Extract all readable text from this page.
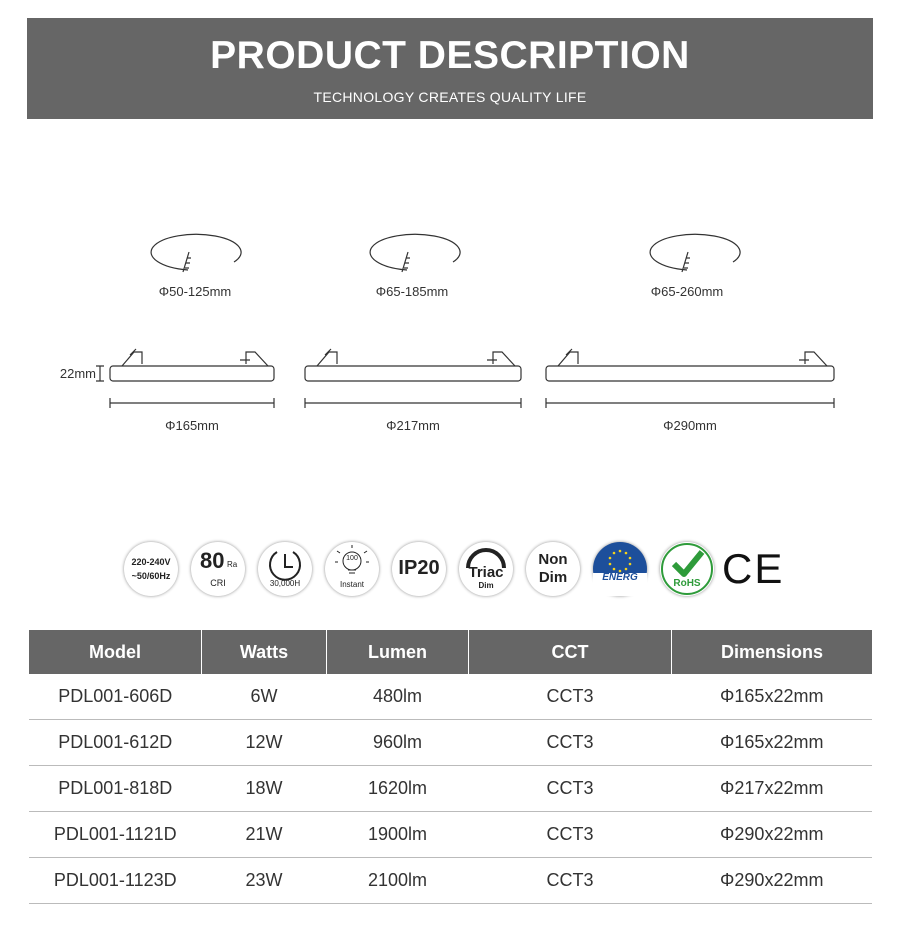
PRODUCT DESCRIPTION
TECHNOLOGY CREATES QUALITY LIFE
Φ50-125mm	Φ65-185mm	Φ65-260mm
22mm
Φ165mm	Φ217mm	Φ290mm
220-240V
~50/60Hz
80 Ra
CRI	30,000H
100
Instant
IP20	Triac
Dim
Non
Dim	ENERG
RoHS CE
Model	Watts	Lumen	CCT	Dimensions
PDL001-606D	6W	480lm	CCT3	Φ165x22mm
PDL001-612D	12W	960lm	CCT3	Φ165x22mm
PDL001-818D	18W	1620lm	CCT3	Φ217x22mm
PDL001-1121D	21W	1900lm	CCT3	Φ290x22mm
PDL001-1123D	23W	2100lm	CCT3	Φ290x22mm
